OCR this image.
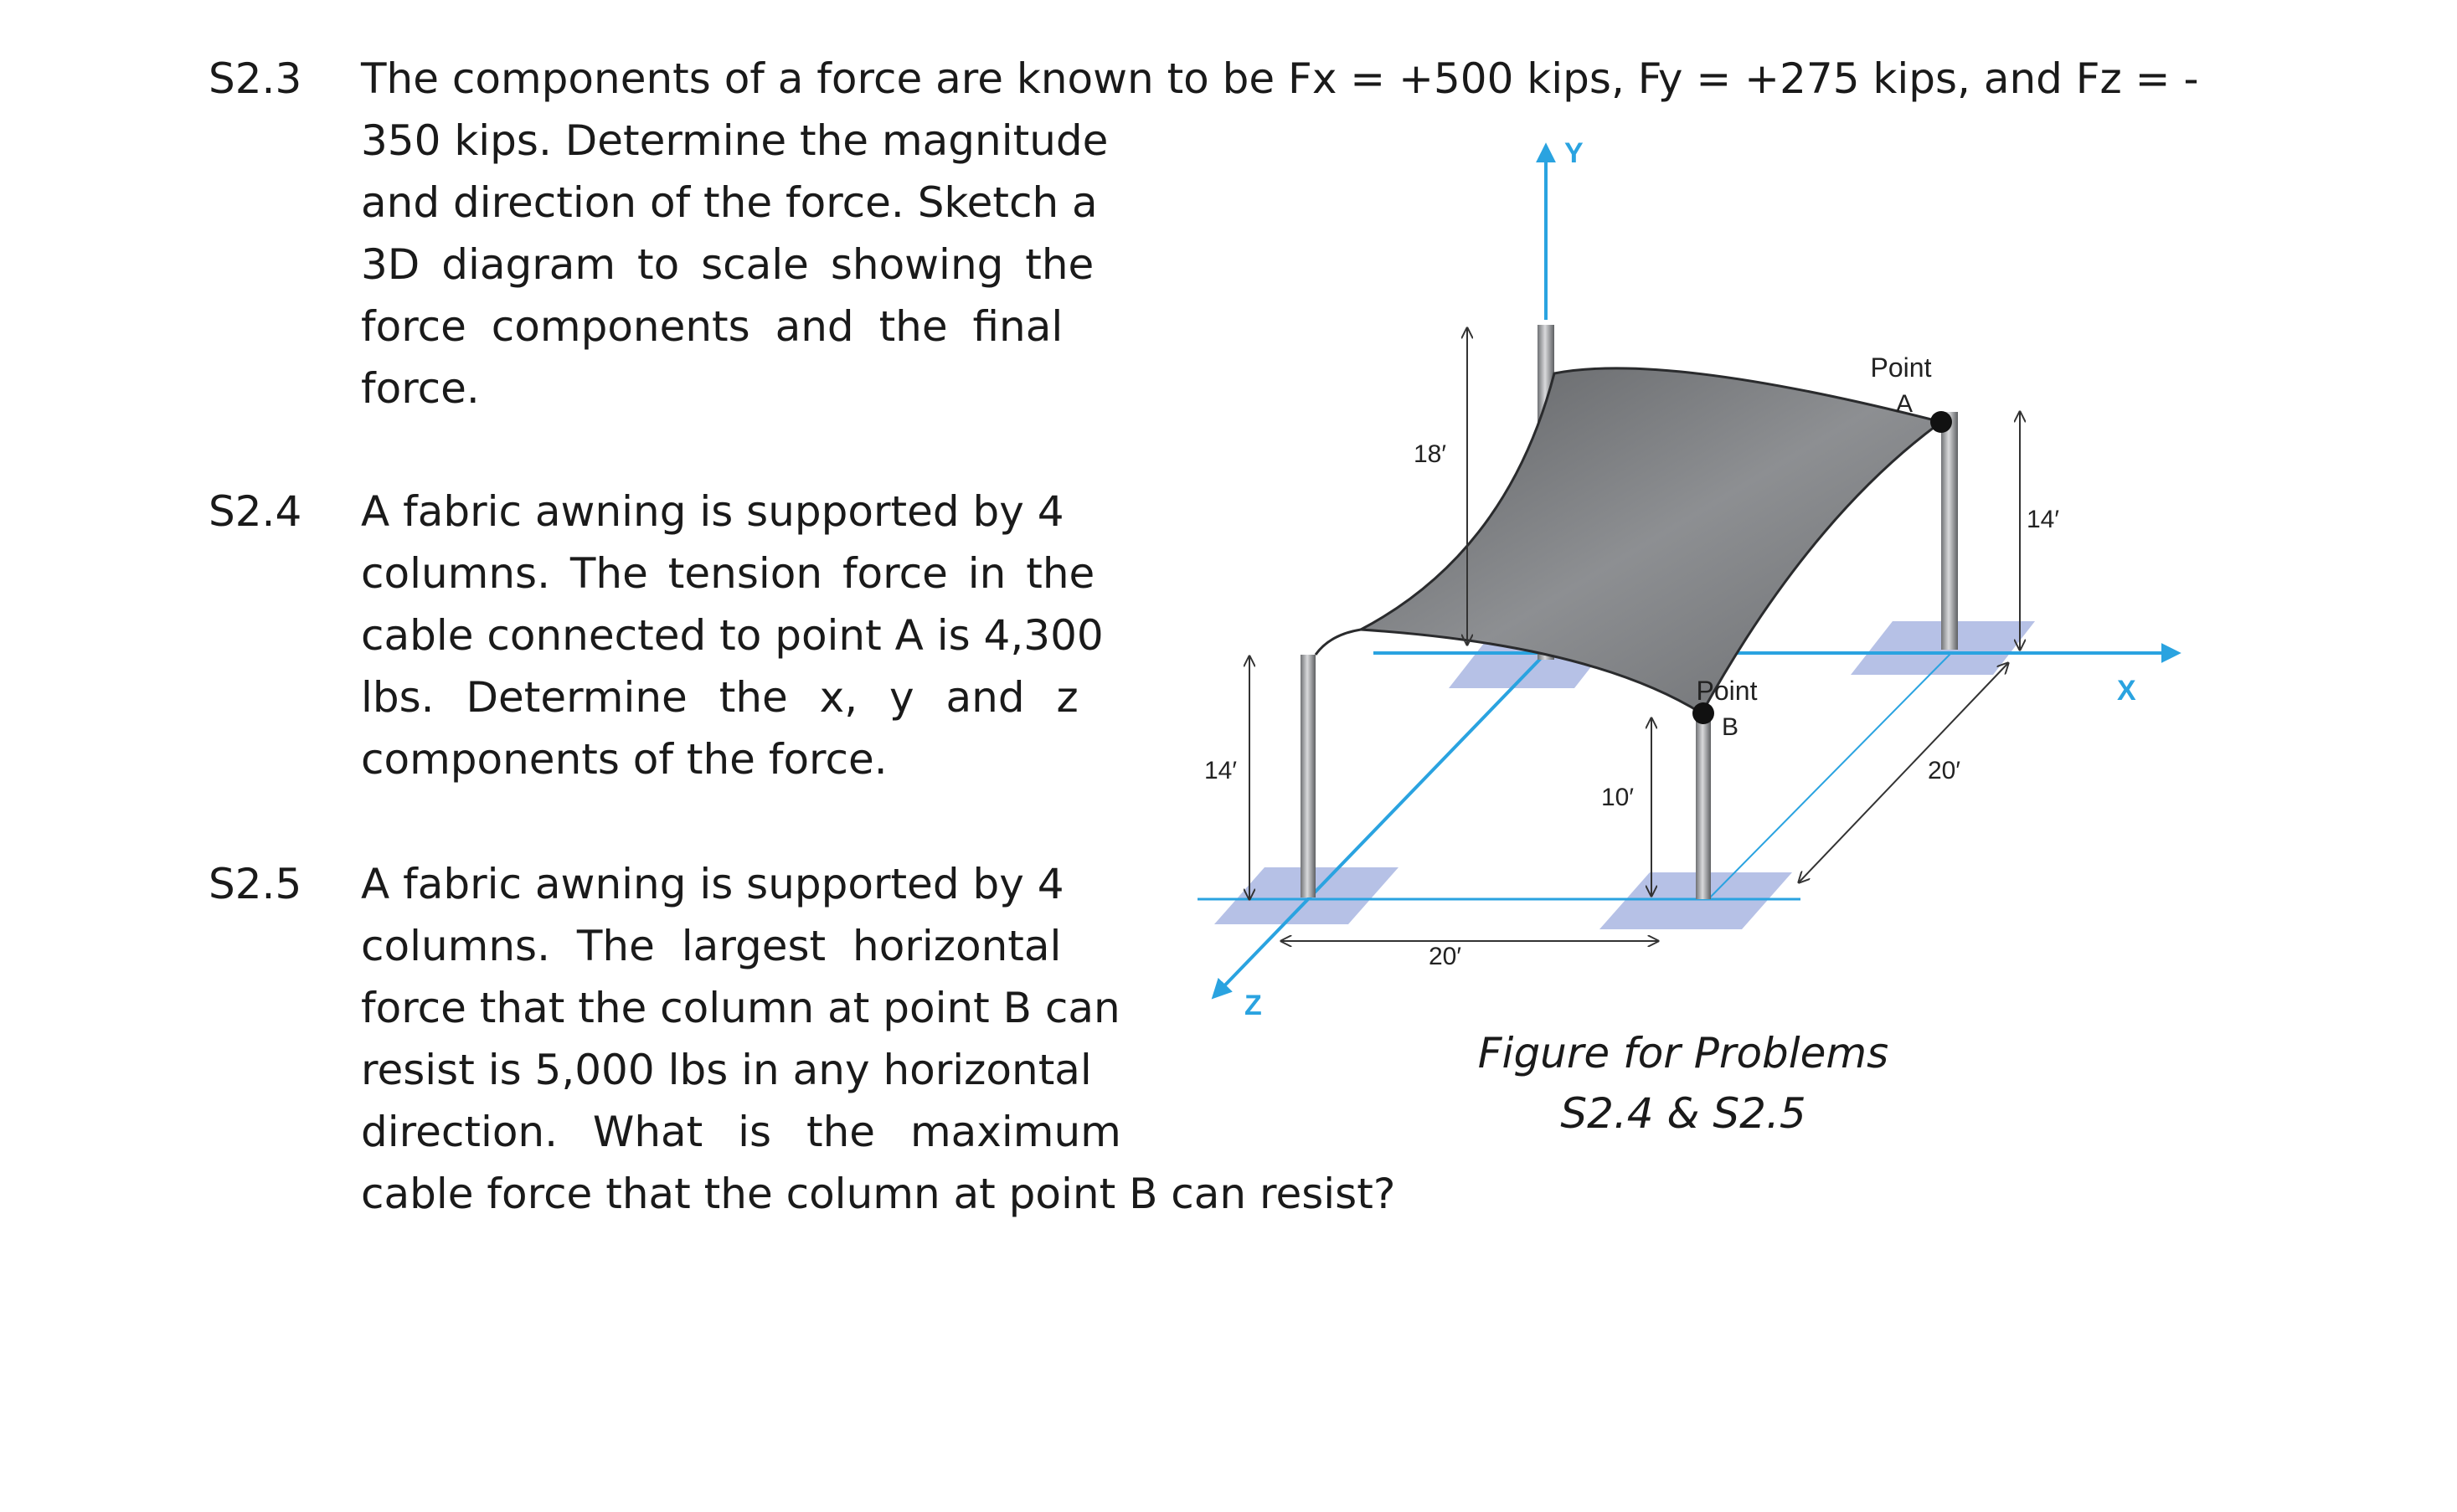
S2.3 The components of a force are known to be Fx = +500 kips, Fy = +275 kips, and Fz = -
350 kips. Determine the magnitude
and direction of the force. Sketch a
3D diagram to scale showing the
force components and the final
force.
S2.4 A fabric awning is supported by 4
columns. The tension force in the
cable connected to point A is 4,300
lbs. Determine the x, y and z
components of the force.
S2.5 A fabric awning is supported by 4
columns. The largest horizontal
force that the column at point B can
resist is 5,000 lbs in any horizontal
direction. What is the maximum
cable force that the column at point B can resist?
Y
X
Z
Point
A
Point
B
18′
14′
14′
10′
20′
20′
Figure for Problems
S2.4 & S2.5
